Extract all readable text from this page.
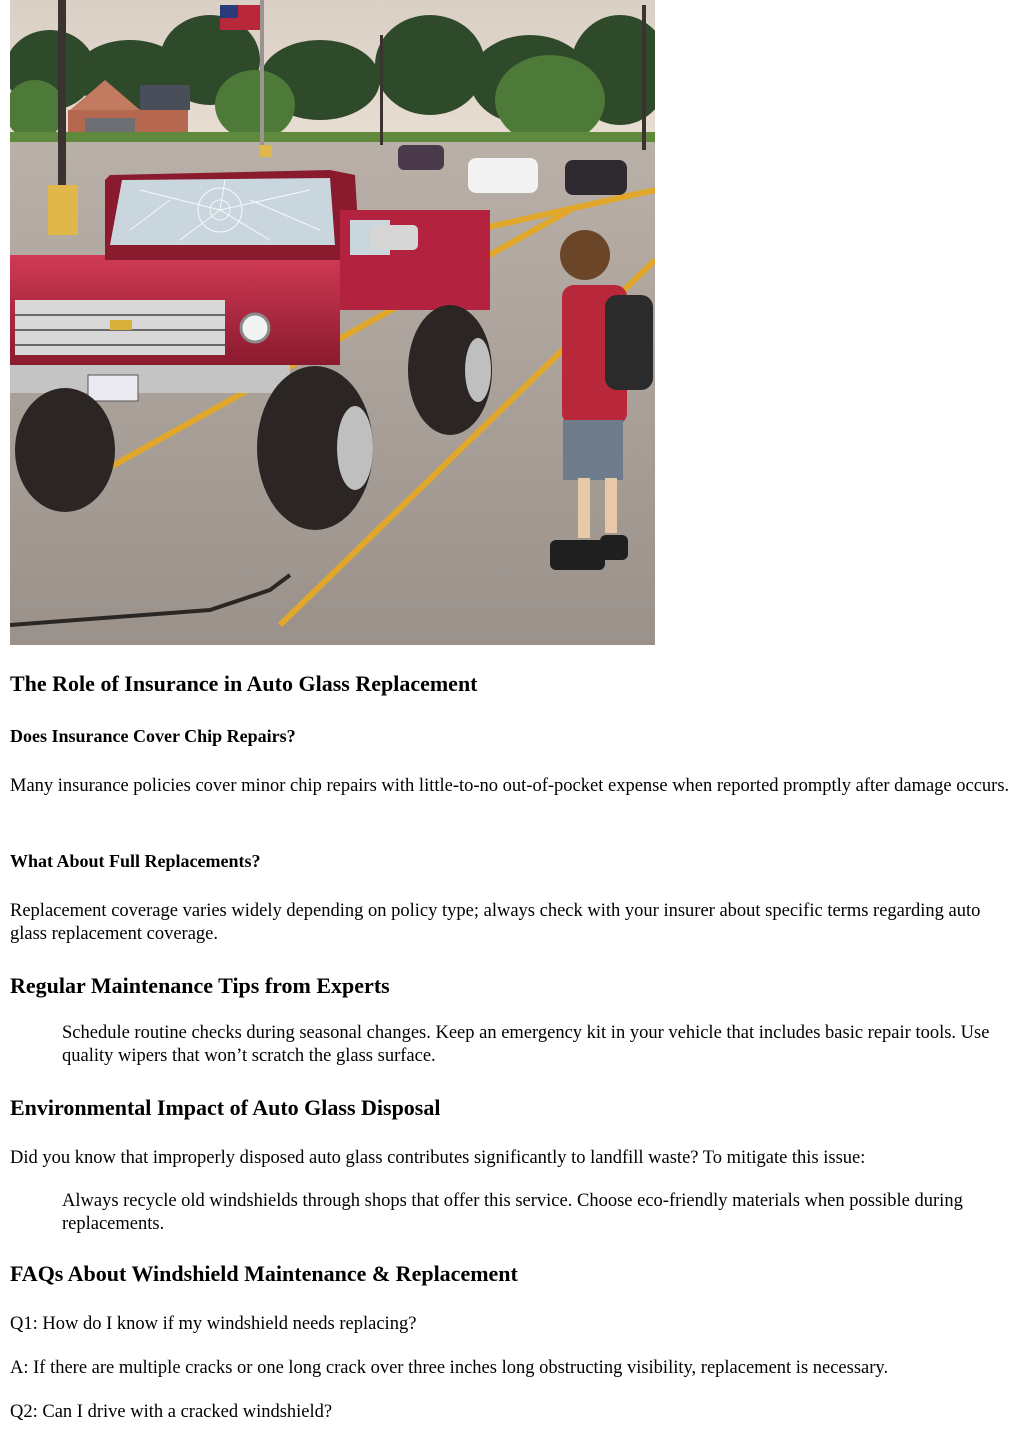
The Role of Insurance in Auto Glass Replacement
Does Insurance Cover Chip Repairs?

Many insurance policies cover minor chip repairs with little-to-no out-of-pocket expense when reported promptly after damage occurs.

What About Full Replacements?

Replacement coverage varies widely depending on policy type; always check with your insurer about specific terms regarding auto glass replacement coverage.

Regular Maintenance Tips from Experts
Schedule routine checks during seasonal changes. Keep an emergency kit in your vehicle that includes basic repair tools. Use quality wipers that won’t scratch the glass surface.
Environmental Impact of Auto Glass Disposal

Did you know that improperly disposed auto glass contributes significantly to landfill waste? To mitigate this issue:

Always recycle old windshields through shops that offer this service. Choose eco-friendly materials when possible during replacements.
FAQs About Windshield Maintenance & Replacement

Q1: How do I know if my windshield needs replacing?

A: If there are multiple cracks or one long crack over three inches long obstructing visibility, replacement is necessary.

Q2: Can I drive with a cracked windshield?
